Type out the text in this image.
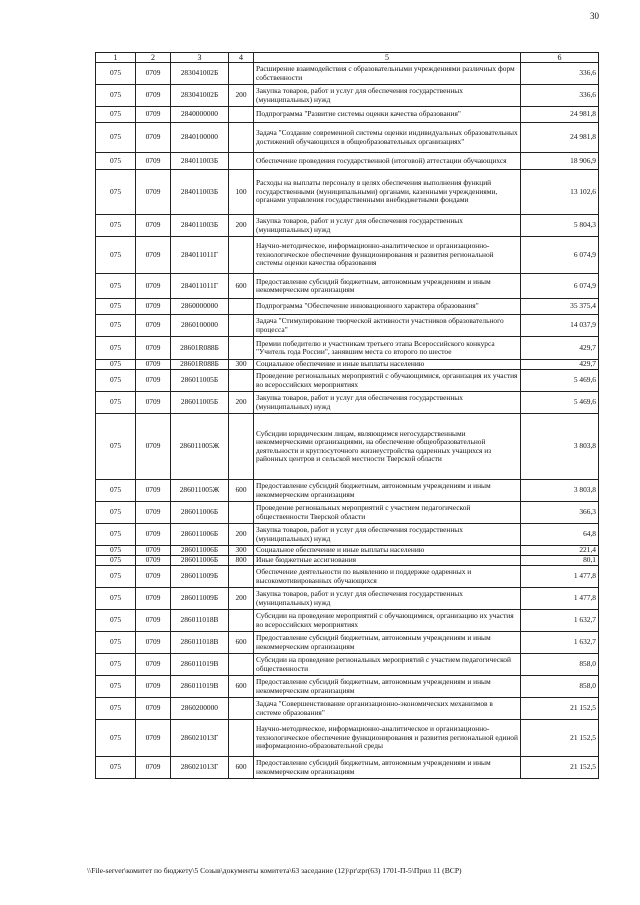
30
1	2	3	4	5	6
075	0709	283041002Б		Расширение взаимодействия с образовательными учреждениями различных форм собственности	336,6
075	0709	283041002Б	200	Закупка товаров, работ и услуг для обеспечения государственных (муниципальных) нужд	336,6
075	0709	2840000000		Подпрограмма "Развитие системы оценки качества образования"	24 981,8
075	0709	2840100000		Задача "Создание современной системы оценки индивидуальных образовательных достижений обучающихся в общеобразовательных организациях"	24 981,8
075	0709	284011003Б		Обеспечение проведения государственной (итоговой) аттестации обучающихся	18 906,9
075	0709	284011003Б	100	Расходы на выплаты персоналу в целях обеспечения выполнения функций государственными (муниципальными) органами, казенными учреждениями, органами управления государственными внебюджетными фондами	13 102,6
075	0709	284011003Б	200	Закупка товаров, работ и услуг для обеспечения государственных (муниципальных) нужд	5 804,3
075	0709	284011011Г		Научно-методическое, информационно-аналитическое и организационно-технологическое обеспечение функционирования и развития региональной системы оценки качества образования	6 074,9
075	0709	284011011Г	600	Предоставление субсидий бюджетным, автономным учреждениям и иным некоммерческим организациям	6 074,9
075	0709	2860000000		Подпрограмма "Обеспечение инновационного характера образования"	35 375,4
075	0709	2860100000		Задача "Стимулирование творческой активности участников образовательного процесса"	14 037,9
075	0709	28601R088Б		Премии победителю и участникам третьего этапа Всероссийского конкурса "Учитель года России", занявшим места со второго по шестое	429,7
075	0709	28601R088Б	300	Социальное обеспечение и иные выплаты населению	429,7
075	0709	286011005Б		Проведение региональных мероприятий с обучающимися, организация их участия во всероссийских мероприятиях	5 469,6
075	0709	286011005Б	200	Закупка товаров, работ и услуг для обеспечения государственных (муниципальных) нужд	5 469,6
075	0709	286011005Ж		Субсидии юридическим лицам, являющимся негосударственными некоммерческими организациями, на обеспечение общеобразовательной деятельности и круглосуточного жизнеустройства одаренных учащихся из районных центров и сельской местности Тверской области	3 803,8
075	0709	286011005Ж	600	Предоставление субсидий бюджетным, автономным учреждениям и иным некоммерческим организациям	3 803,8
075	0709	286011006Б		Проведение региональных мероприятий с участием педагогической общественности Тверской области	366,3
075	0709	286011006Б	200	Закупка товаров, работ и услуг для обеспечения государственных (муниципальных) нужд	64,8
075	0709	286011006Б	300	Социальное обеспечение и иные выплаты населению	221,4
075	0709	286011006Б	800	Иные бюджетные ассигнования	80,1
075	0709	286011009Б		Обеспечение деятельности по выявлению и поддержке одаренных и высокомотивированных обучающихся	1 477,8
075	0709	286011009Б	200	Закупка товаров, работ и услуг для обеспечения государственных (муниципальных) нужд	1 477,8
075	0709	286011018В		Субсидии на проведение мероприятий с обучающимися, организацию их участия во всероссийских мероприятиях	1 632,7
075	0709	286011018В	600	Предоставление субсидий бюджетным, автономным учреждениям и иным некоммерческим организациям	1 632,7
075	0709	286011019В		Субсидии на проведение региональных мероприятий с участием педагогической общественности	858,0
075	0709	286011019В	600	Предоставление субсидий бюджетным, автономным учреждениям и иным некоммерческим организациям	858,0
075	0709	2860200000		Задача "Совершенствование организационно-экономических механизмов в системе образования"	21 152,5
075	0709	286021013Г		Научно-методическое, информационно-аналитическое и организационно-технологическое обеспечение функционирования и развития региональной единой информационно-образовательной среды	21 152,5
075	0709	286021013Г	600	Предоставление субсидий бюджетным, автономным учреждениям и иным некоммерческим организациям	21 152,5
\\File-server\комитет по бюджету\5 Созыв\документы комитета\63 заседание (12)\pr\zpr(63) 1701-П-5\Прил 11 (ВСР)
